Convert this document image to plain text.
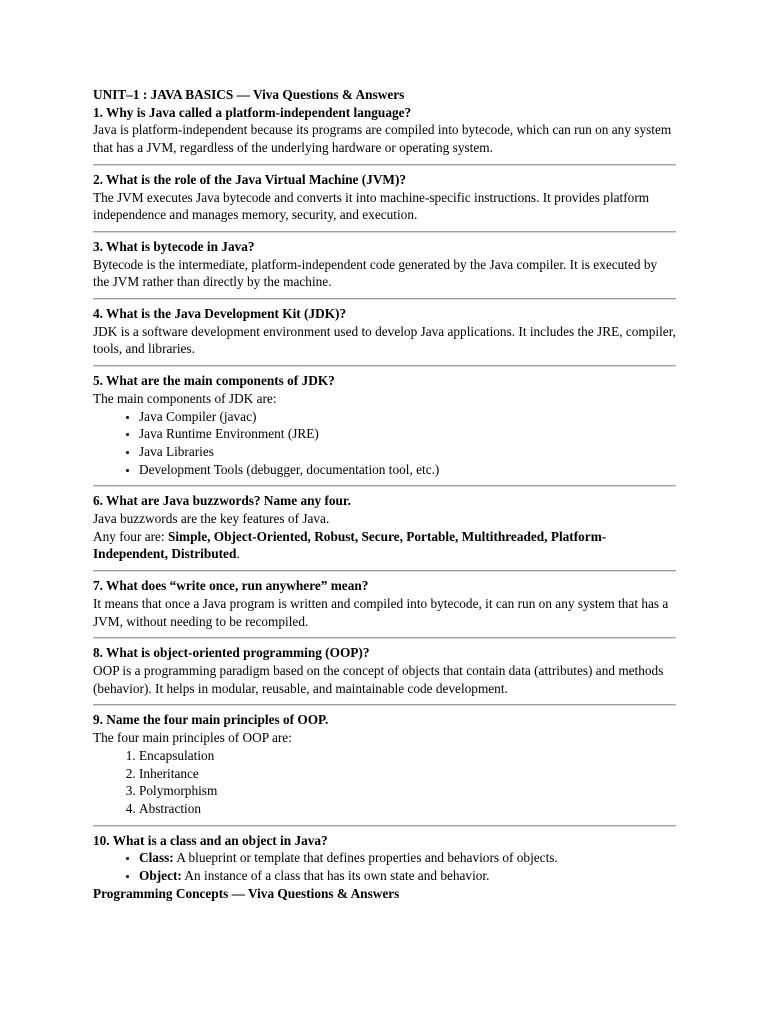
UNIT–1 : JAVA BASICS — Viva Questions & Answers
1. Why is Java called a platform-independent language?

Java is platform-independent because its programs are compiled into bytecode, which can run on any system that has a JVM, regardless of the underlying hardware or operating system.

2. What is the role of the Java Virtual Machine (JVM)?

The JVM executes Java bytecode and converts it into machine-specific instructions. It provides platform independence and manages memory, security, and execution.

3. What is bytecode in Java?

Bytecode is the intermediate, platform-independent code generated by the Java compiler. It is executed by the JVM rather than directly by the machine.

4. What is the Java Development Kit (JDK)?

JDK is a software development environment used to develop Java applications. It includes the JRE, compiler, tools, and libraries.

5. What are the main components of JDK?

The main components of JDK are:

• Java Compiler (javac)
• Java Runtime Environment (JRE)
• Java Libraries
• Development Tools (debugger, documentation tool, etc.)
6. What are Java buzzwords? Name any four.

Java buzzwords are the key features of Java.

Any four are: Simple, Object-Oriented, Robust, Secure, Portable, Multithreaded, Platform-Independent, Distributed.

7. What does “write once, run anywhere” mean?

It means that once a Java program is written and compiled into bytecode, it can run on any system that has a JVM, without needing to be recompiled.

8. What is object-oriented programming (OOP)?

OOP is a programming paradigm based on the concept of objects that contain data (attributes) and methods (behavior). It helps in modular, reusable, and maintainable code development.

9. Name the four main principles of OOP.

The four main principles of OOP are:

1. Encapsulation
2. Inheritance
3. Polymorphism
4. Abstraction
10. What is a class and an object in Java?
• Class: A blueprint or template that defines properties and behaviors of objects.
• Object: An instance of a class that has its own state and behavior.
Programming Concepts — Viva Questions & Answers
